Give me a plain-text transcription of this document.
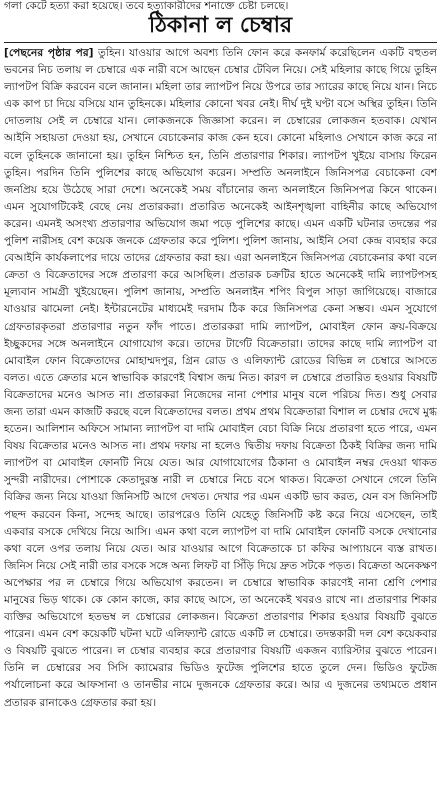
গলা কেটে হত্যা করা হয়েছে। তবে হত্যাকারীদের শনাক্তে চেষ্টা চলছে।
ঠিকানা ল চেম্বার

[পেছনের পৃষ্ঠার পর] তুহিন। যাওয়ার আগে অবশ্য তিনি ফোন করে কনফার্ম করেছিলেন একটি বহুতল ভবনের নিচ তলায় ল চেম্বারে এক নারী বসে আছেন চেম্বার টেবিল নিয়ে। সেই মহিলার কাছে গিয়ে তুহিন ল্যাপটপ বিক্রি করবেন বলে জানান। মহিলা তার ল্যাপটপ নিয়ে উপরে তার স্যারের কাছে নিয়ে যান। নিচে এক কাপ চা দিয়ে বসিয়ে যান তুহিনকে। মহিলার কোনো খবর নেই। দীর্ঘ দুই ঘণ্টা বসে অস্থির তুহিন। তিনি দোতলায় সেই ল চেম্বারে যান। লোকজনকে জিজ্ঞাসা করেন। ল চেম্বারের লোকজন হতবাক। যেখান আইনি সহায়তা দেওয়া হয়, সেখানে বেচাকেনার কাজ কেন হবে। কোনো মহিলাও সেখানে কাজ করে না বলে তুহিনকে জানানো হয়। তুহিন নিশ্চিত হন, তিনি প্রতারণার শিকার। ল্যাপটপ খুইয়ে বাসায় ফিরেন তুহিন। পরদিন তিনি পুলিশের কাছে অভিযোগ করেন। সম্প্রতি অনলাইনে জিনিসপত্র বেচাকেনা বেশ জনপ্রিয় হয়ে উঠেছে সারা দেশে। অনেকেই সময় বাঁচানোর জন্য অনলাইনে জিনিসপত্র কিনে থাকেন। এমন সুযোগটিকেই বেছে নেয় প্রতারকরা। প্রতারিত অনেকেই আইনশৃঙ্খলা বাহিনীর কাছে অভিযোগ করেন। এমনই অসংখ্য প্রতারণার অভিযোগ জমা পড়ে পুলিশের কাছে। এমন একটি ঘটনার তদন্তের পর পুলিশ নারীসহ বেশ কয়েক জনকে গ্রেফতার করে পুলিশ। পুলিশ জানায়, আইনি সেবা কেন্দ্র ব্যবহার করে বেআইনি কার্যকলাপের দায়ে তাদের গ্রেফতার করা হয়। এরা অনলাইনে জিনিসপত্র বেচাকেনার কথা বলে ক্রেতা ও বিক্রেতাদের সঙ্গে প্রতারণা করে আসছিল। প্রতারক চক্রটির হাতে অনেকেই দামি ল্যাপটপসহ মূল্যবান সামগ্রী খুইয়েছেন। পুলিশ জানায়, সম্প্রতি অনলাইন শপিং বিপুল সাড়া জাগিয়েছে। বাজারে যাওয়ার ঝামেলা নেই। ইন্টারনেটের মাধ্যমেই দরদাম ঠিক করে জিনিসপত্র কেনা সম্ভব। এমন সুযোগে গ্রেফতারকৃতরা প্রতারণার নতুন ফাঁদ পাতে। প্রতারকরা দামি ল্যাপটপ, মোবাইল ফোন ক্রয়-বিক্রয়ে ইচ্ছুকদের সঙ্গে অনলাইনে যোগাযোগ করে। তাদের টার্গেট বিক্রেতারা। তাদের কাছে দামি ল্যাপটপ বা মোবাইল ফোন বিক্রেতাদের মোহাম্মদপুর, গ্রিন রোড ও এলিফ্যান্ট রোডের বিভিন্ন ল চেম্বারে আসতে বলত। এতে ক্রেতার মনে স্বাভাবিক কারণেই বিশ্বাস জন্ম নিত। কারণ ল চেম্বারে প্রতারিত হওয়ার বিষয়টি বিক্রেতাদের মনেও আসত না। প্রতারকরা নিজেদের নানা পেশার মানুষ বলে পরিচয় দিত। শুধু সেবার জন্য তারা এমন কাজটি করছে বলে বিক্রেতাদের বলত। প্রথম প্রথম বিক্রেতারা বিশাল ল চেম্বার দেখে মুগ্ধ হতেন। আলিশান অফিসে সামান্য ল্যাপটপ বা দামি মোবাইল বেচা বিক্রি নিয়ে প্রতারণা হতে পারে, এমন বিষয় বিক্রেতার মনেও আসত না। প্রথম দফায় না হলেও দ্বিতীয় দফায় বিক্রেতা ঠিকই বিক্রির জন্য দামি ল্যাপটপ বা মোবাইল ফোনটি নিয়ে যেত। আর যোগাযোগের ঠিকানা ও মোবাইল নম্বর দেওয়া থাকত সুন্দরী নারীদের। পোশাকে কেতাদুরস্ত নারী ল চেম্বারে নিচে বসে থাকত। বিক্রেতা সেখানে গেলে তিনি বিক্রির জন্য নিয়ে যাওয়া জিনিসটি আগে দেখত। দেখার পর এমন একটি ভাব করত, যেন বস জিনিসটি পছন্দ করবেন কিনা, সন্দেহ আছে। তারপরেও তিনি যেহেতু জিনিসটি কষ্ট করে নিয়ে এসেছেন, তাই একবার বসকে দেখিয়ে নিয়ে আসি। এমন কথা বলে ল্যাপটপ বা দামি মোবাইল ফোনটি বসকে দেখানোর কথা বলে ওপর তলায় নিয়ে যেত। আর যাওয়ার আগে বিক্রেতাকে চা কফির আপ্যায়নে ব্যস্ত রাখত। জিনিস নিয়ে সেই নারী তার বসকে সঙ্গে অন্য লিফট বা সিঁড়ি দিয়ে দ্রুত সটকে পড়ত। বিক্রেতা অনেকক্ষণ অপেক্ষার পর ল চেম্বারে গিয়ে অভিযোগ করতেন। ল চেম্বারে স্বাভাবিক কারণেই নানা শ্রেণি পেশার মানুষের ভিড় থাকে। কে কোন কাজে, কার কাছে আসে, তা অনেকেই খবরও রাখে না। প্রতারণার শিকার ব্যক্তির অভিযোগে হতভম্ব ল চেম্বারের লোকজন। বিক্রেতা প্রতারণার শিকার হওয়ার বিষয়টি বুঝতে পারেন। এমন বেশ কয়েকটি ঘটনা ঘটে এলিফ্যান্ট রোডে একটি ল চেম্বারে। তদন্তকারী দল বেশ কয়েকবার ও বিষয়টি বুঝতে পারেন। ল চেম্বার ব্যবহার করে প্রতারণার বিষয়টি একজন ব্যারিস্টার বুঝতে পারেন। তিনি ল চেম্বারের সব সিসি ক্যামেরার ভিডিও ফুটেজ পুলিশের হাতে তুলে দেন। ভিডিও ফুটেজ পর্যালোচনা করে আফসানা ও তানভীর নামে দুজনকে গ্রেফতার করে। আর এ দুজনের তথ্যমতে প্রধান প্রতারক রানাকেও গ্রেফতার করা হয়।
